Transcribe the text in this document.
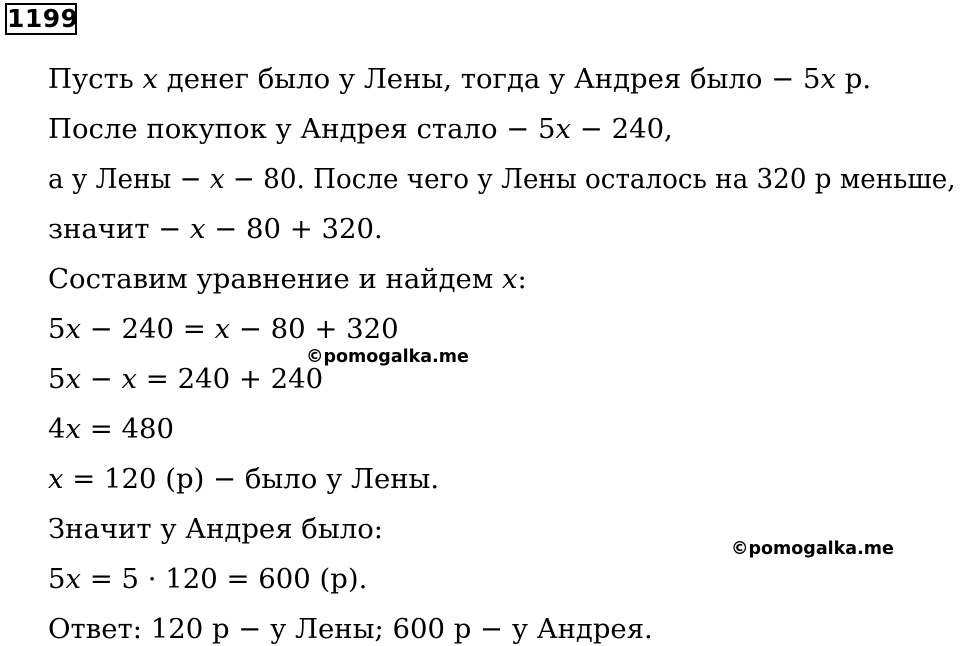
1199
Пусть x денег было у Лены, тогда у Андрея было − 5x р.
После покупок у Андрея стало − 5x − 240,
а у Лены − x − 80. После чего у Лены осталось на 320 р меньше,
значит − x − 80 + 320.
Составим уравнение и найдем x:
5x − 240 = x − 80 + 320
5x − x = 240 + 240
4x = 480
x = 120 (р) − было у Лены.
Значит у Андрея было:
5x = 5 · 120 = 600 (р).
Ответ: 120 р − у Лены; 600 р − у Андрея.
©pomogalka.me
©pomogalka.me
